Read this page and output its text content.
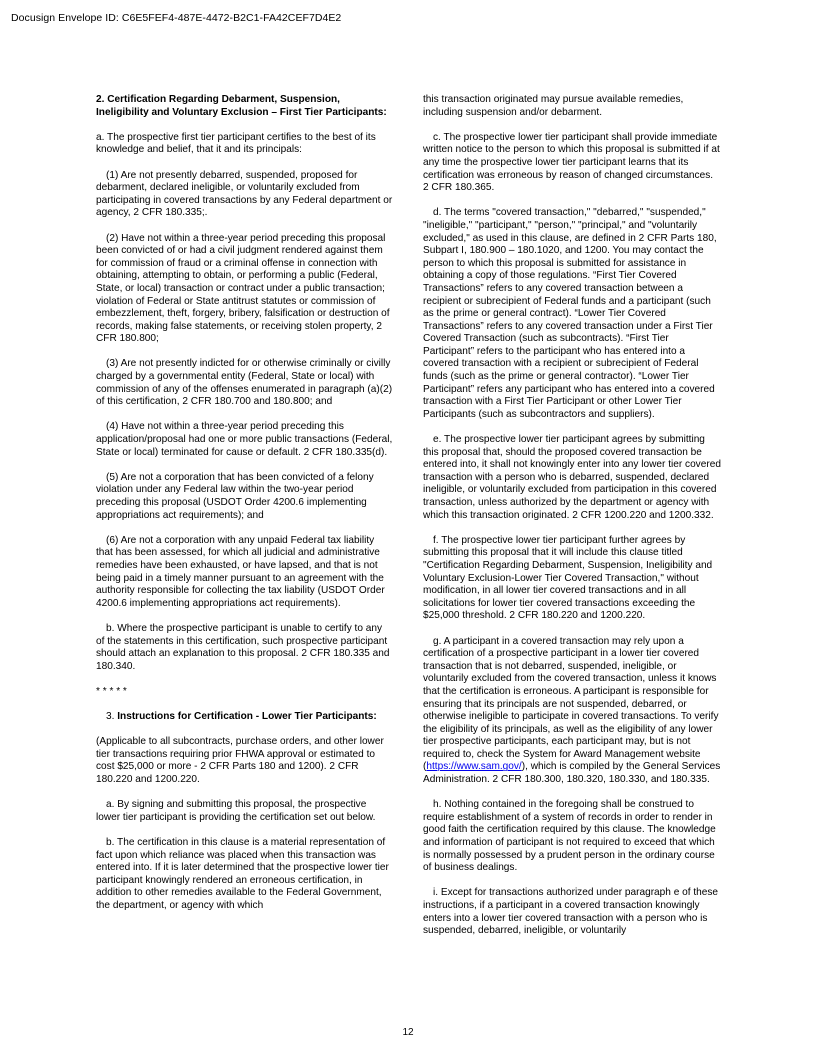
Docusign Envelope ID: C6E5FEF4-487E-4472-B2C1-FA42CEF7D4E2

2. Certification Regarding Debarment, Suspension, Ineligibility and Voluntary Exclusion – First Tier Participants:

a. The prospective first tier participant certifies to the best of its knowledge and belief, that it and its principals:

(1) Are not presently debarred, suspended, proposed for debarment, declared ineligible, or voluntarily excluded from participating in covered transactions by any Federal department or agency, 2 CFR 180.335;.

(2) Have not within a three-year period preceding this proposal been convicted of or had a civil judgment rendered against them for commission of fraud or a criminal offense in connection with obtaining, attempting to obtain, or performing a public (Federal, State, or local) transaction or contract under a public transaction; violation of Federal or State antitrust statutes or commission of embezzlement, theft, forgery, bribery, falsification or destruction of records, making false statements, or receiving stolen property, 2 CFR 180.800;

(3) Are not presently indicted for or otherwise criminally or civilly charged by a governmental entity (Federal, State or local) with commission of any of the offenses enumerated in paragraph (a)(2) of this certification, 2 CFR 180.700 and 180.800; and

(4) Have not within a three-year period preceding this application/proposal had one or more public transactions (Federal, State or local) terminated for cause or default. 2 CFR 180.335(d).

(5) Are not a corporation that has been convicted of a felony violation under any Federal law within the two-year period preceding this proposal (USDOT Order 4200.6 implementing appropriations act requirements); and

(6) Are not a corporation with any unpaid Federal tax liability that has been assessed, for which all judicial and administrative remedies have been exhausted, or have lapsed, and that is not being paid in a timely manner pursuant to an agreement with the authority responsible for collecting the tax liability (USDOT Order 4200.6 implementing appropriations act requirements).

b. Where the prospective participant is unable to certify to any of the statements in this certification, such prospective participant should attach an explanation to this proposal. 2 CFR 180.335 and 180.340.

* * * * *

3. Instructions for Certification - Lower Tier Participants:

(Applicable to all subcontracts, purchase orders, and other lower tier transactions requiring prior FHWA approval or estimated to cost $25,000 or more - 2 CFR Parts 180 and 1200). 2 CFR 180.220 and 1200.220.

a. By signing and submitting this proposal, the prospective lower tier participant is providing the certification set out below.

b. The certification in this clause is a material representation of fact upon which reliance was placed when this transaction was entered into. If it is later determined that the prospective lower tier participant knowingly rendered an erroneous certification, in addition to other remedies available to the Federal Government, the department, or agency with which

this transaction originated may pursue available remedies, including suspension and/or debarment.

c. The prospective lower tier participant shall provide immediate written notice to the person to which this proposal is submitted if at any time the prospective lower tier participant learns that its certification was erroneous by reason of changed circumstances. 2 CFR 180.365.

d. The terms "covered transaction," "debarred," "suspended," "ineligible," "participant," "person," "principal," and "voluntarily excluded," as used in this clause, are defined in 2 CFR Parts 180, Subpart I, 180.900 – 180.1020, and 1200. You may contact the person to which this proposal is submitted for assistance in obtaining a copy of those regulations. “First Tier Covered Transactions” refers to any covered transaction between a recipient or subrecipient of Federal funds and a participant (such as the prime or general contract). “Lower Tier Covered Transactions” refers to any covered transaction under a First Tier Covered Transaction (such as subcontracts). “First Tier Participant” refers to the participant who has entered into a covered transaction with a recipient or subrecipient of Federal funds (such as the prime or general contractor). “Lower Tier Participant” refers any participant who has entered into a covered transaction with a First Tier Participant or other Lower Tier Participants (such as subcontractors and suppliers).

e. The prospective lower tier participant agrees by submitting this proposal that, should the proposed covered transaction be entered into, it shall not knowingly enter into any lower tier covered transaction with a person who is debarred, suspended, declared ineligible, or voluntarily excluded from participation in this covered transaction, unless authorized by the department or agency with which this transaction originated. 2 CFR 1200.220 and 1200.332.

f. The prospective lower tier participant further agrees by submitting this proposal that it will include this clause titled "Certification Regarding Debarment, Suspension, Ineligibility and Voluntary Exclusion-Lower Tier Covered Transaction," without modification, in all lower tier covered transactions and in all solicitations for lower tier covered transactions exceeding the $25,000 threshold. 2 CFR 180.220 and 1200.220.

g. A participant in a covered transaction may rely upon a certification of a prospective participant in a lower tier covered transaction that is not debarred, suspended, ineligible, or voluntarily excluded from the covered transaction, unless it knows that the certification is erroneous. A participant is responsible for ensuring that its principals are not suspended, debarred, or otherwise ineligible to participate in covered transactions. To verify the eligibility of its principals, as well as the eligibility of any lower tier prospective participants, each participant may, but is not required to, check the System for Award Management website (https://www.sam.gov/), which is compiled by the General Services Administration. 2 CFR 180.300, 180.320, 180.330, and 180.335.

h. Nothing contained in the foregoing shall be construed to require establishment of a system of records in order to render in good faith the certification required by this clause. The knowledge and information of participant is not required to exceed that which is normally possessed by a prudent person in the ordinary course of business dealings.

i. Except for transactions authorized under paragraph e of these instructions, if a participant in a covered transaction knowingly enters into a lower tier covered transaction with a person who is suspended, debarred, ineligible, or voluntarily

12
